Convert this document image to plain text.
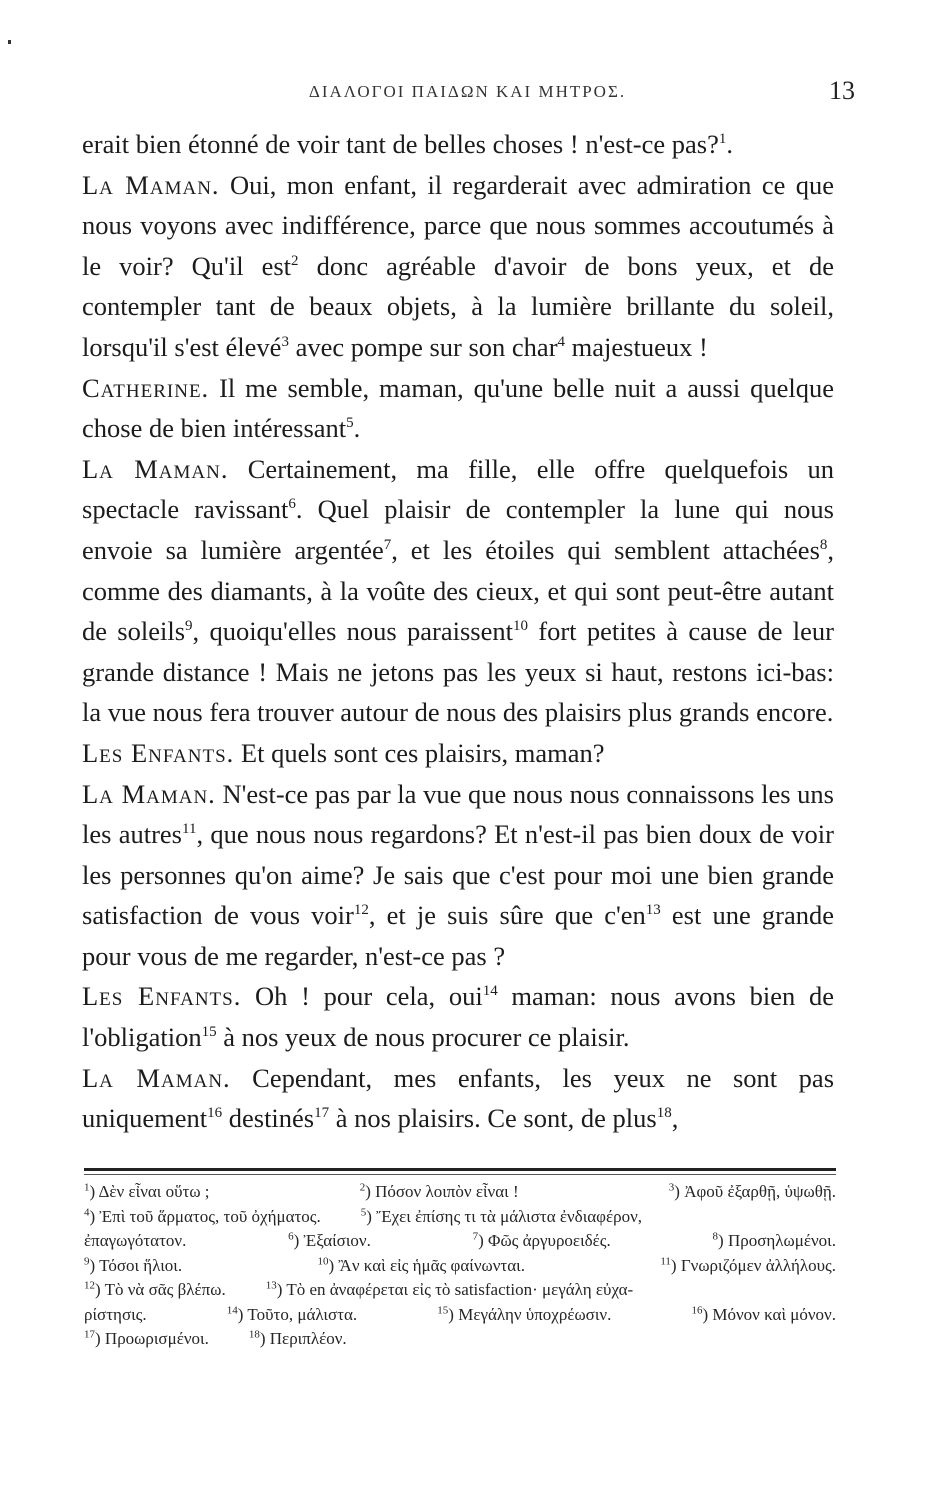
ΔΙΑΛΟΓΟΙ ΠΑΙΔΩΝ ΚΑΙ ΜΗΤΡΟΣ.	13

erait bien étonné de voir tant de belles choses ! n'est-ce pas?$^1$.

La Maman. Oui, mon enfant, il regarderait avec admiration ce que nous voyons avec indifférence, parce que nous sommes accoutumés à le voir? Qu'il est$^2$ donc agréable d'avoir de bons yeux, et de contempler tant de beaux objets, à la lumière brillante du soleil, lorsqu'il s'est élevé$^3$ avec pompe sur son char$^4$ majestueux !

Catherine. Il me semble, maman, qu'une belle nuit a aussi quelque chose de bien intéressant$^5$.

La Maman. Certainement, ma fille, elle offre quelquefois un spectacle ravissant$^6$. Quel plaisir de contempler la lune qui nous envoie sa lumière argentée$^7$, et les étoiles qui semblent attachées$^8$, comme des diamants, à la voûte des cieux, et qui sont peut-être autant de soleils$^9$, quoiqu'elles nous paraissent$^{10}$ fort petites à cause de leur grande distance ! Mais ne jetons pas les yeux si haut, restons ici-bas: la vue nous fera trouver autour de nous des plaisirs plus grands encore.

Les Enfants. Et quels sont ces plaisirs, maman?

La Maman. N'est-ce pas par la vue que nous nous connaissons les uns les autres$^{11}$, que nous nous regardons? Et n'est-il pas bien doux de voir les personnes qu'on aime? Je sais que c'est pour moi une bien grande satisfaction de vous voir$^{12}$, et je suis sûre que $c'en^{13}$ est une grande pour vous de me regarder, n'est-ce pas ?

Les Enfants. Oh ! pour cela, oui$^{14}$ maman: nous avons bien de l'obligation$^{15}$ à nos yeux de nous procurer ce plaisir.

La Maman. Cependant, mes enfants, les yeux ne sont pas uniquement$^{16}$ destinés$^{17}$ à nos plaisirs. Ce sont, de plus$^{18}$,

$^1$) Δὲν εἶναι οὕτω ;	$^2$) Πόσον λοιπὸν εἶναι !	$^3$) Ἀφοῦ ἐξαρθῇ, ὑψωθῇ.
$^4$) Ἐπὶ τοῦ ἅρματος, τοῦ ὀχήματος.	$^5$) Ἔχει ἐπίσης τι τὰ μάλιστα ἐνδιαφέρον,
ἐπαγωγότατον.	$^6$) Ἐξαίσιον.	$^7$) Φῶς ἀργυροειδές.	$^8$) Προσηλωμένοι.
$^9$) Τόσοι ἥλιοι.	$^{10}$) Ἂν καὶ εἰς ἡμᾶς φαίνωνται.	$^{11}$) Γνωριζόμεν ἀλλήλους.
$^{12}$) Τὸ νὰ σᾶς βλέπω.	$^{13}$) Τὸ en ἀναφέρεται εἰς τὸ satisfaction· μεγάλη εὐχα-
ρίστησις.	$^{14}$) Τοῦτο, μάλιστα.	$^{15}$) Μεγάλην ὑποχρέωσιν.	$^{16}$) Μόνον καὶ μόνον.
$^{17}$) Προωρισμένοι.	$^{18}$) Περιπλέον.
